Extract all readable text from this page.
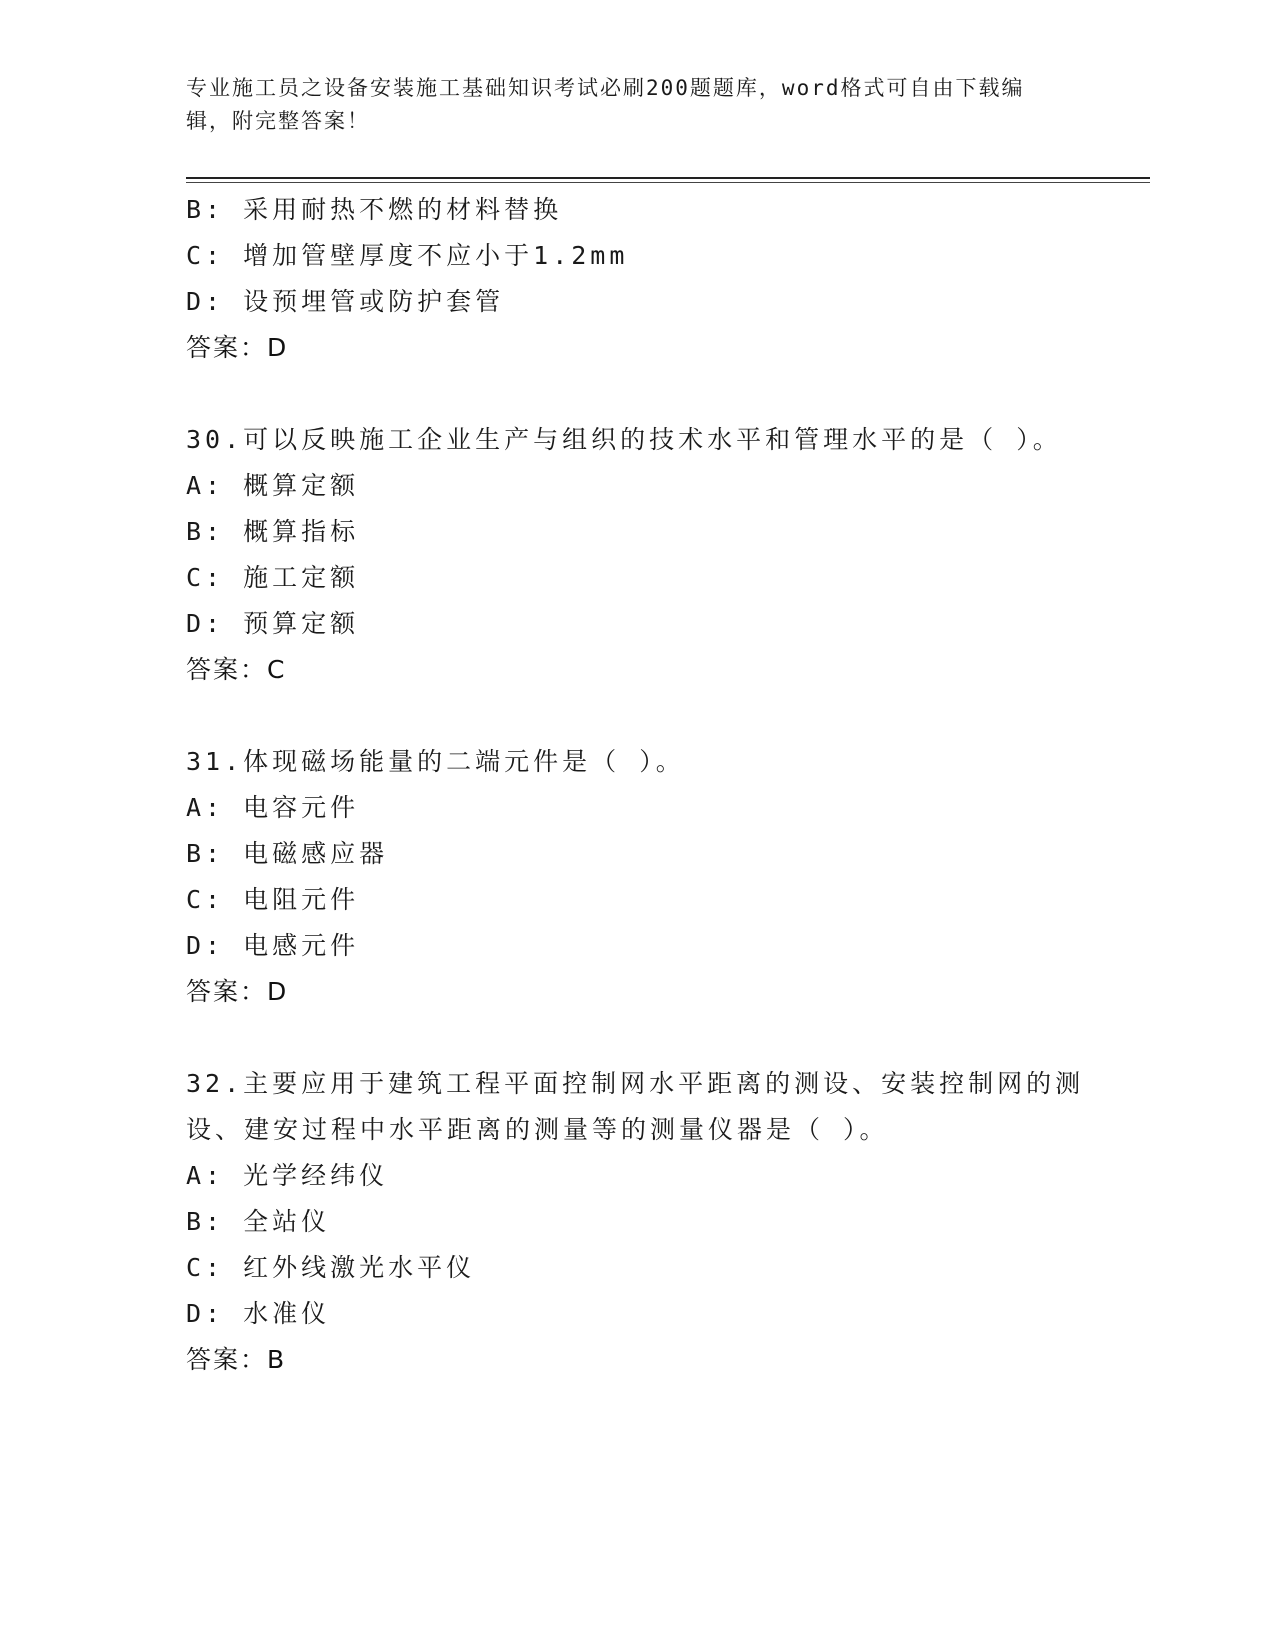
专业施工员之设备安装施工基础知识考试必刷200题题库，word格式可自由下载编辑，附完整答案！
B: 采用耐热不燃的材料替换
C: 增加管壁厚度不应小于1.2mm
D: 设预埋管或防护套管
答案：D
30.可以反映施工企业生产与组织的技术水平和管理水平的是（ ）。
A: 概算定额
B: 概算指标
C: 施工定额
D: 预算定额
答案：C
31.体现磁场能量的二端元件是（ ）。
A: 电容元件
B: 电磁感应器
C: 电阻元件
D: 电感元件
答案：D
32.主要应用于建筑工程平面控制网水平距离的测设、安装控制网的测设、建安过程中水平距离的测量等的测量仪器是（ ）。
A: 光学经纬仪
B: 全站仪
C: 红外线激光水平仪
D: 水准仪
答案：B
